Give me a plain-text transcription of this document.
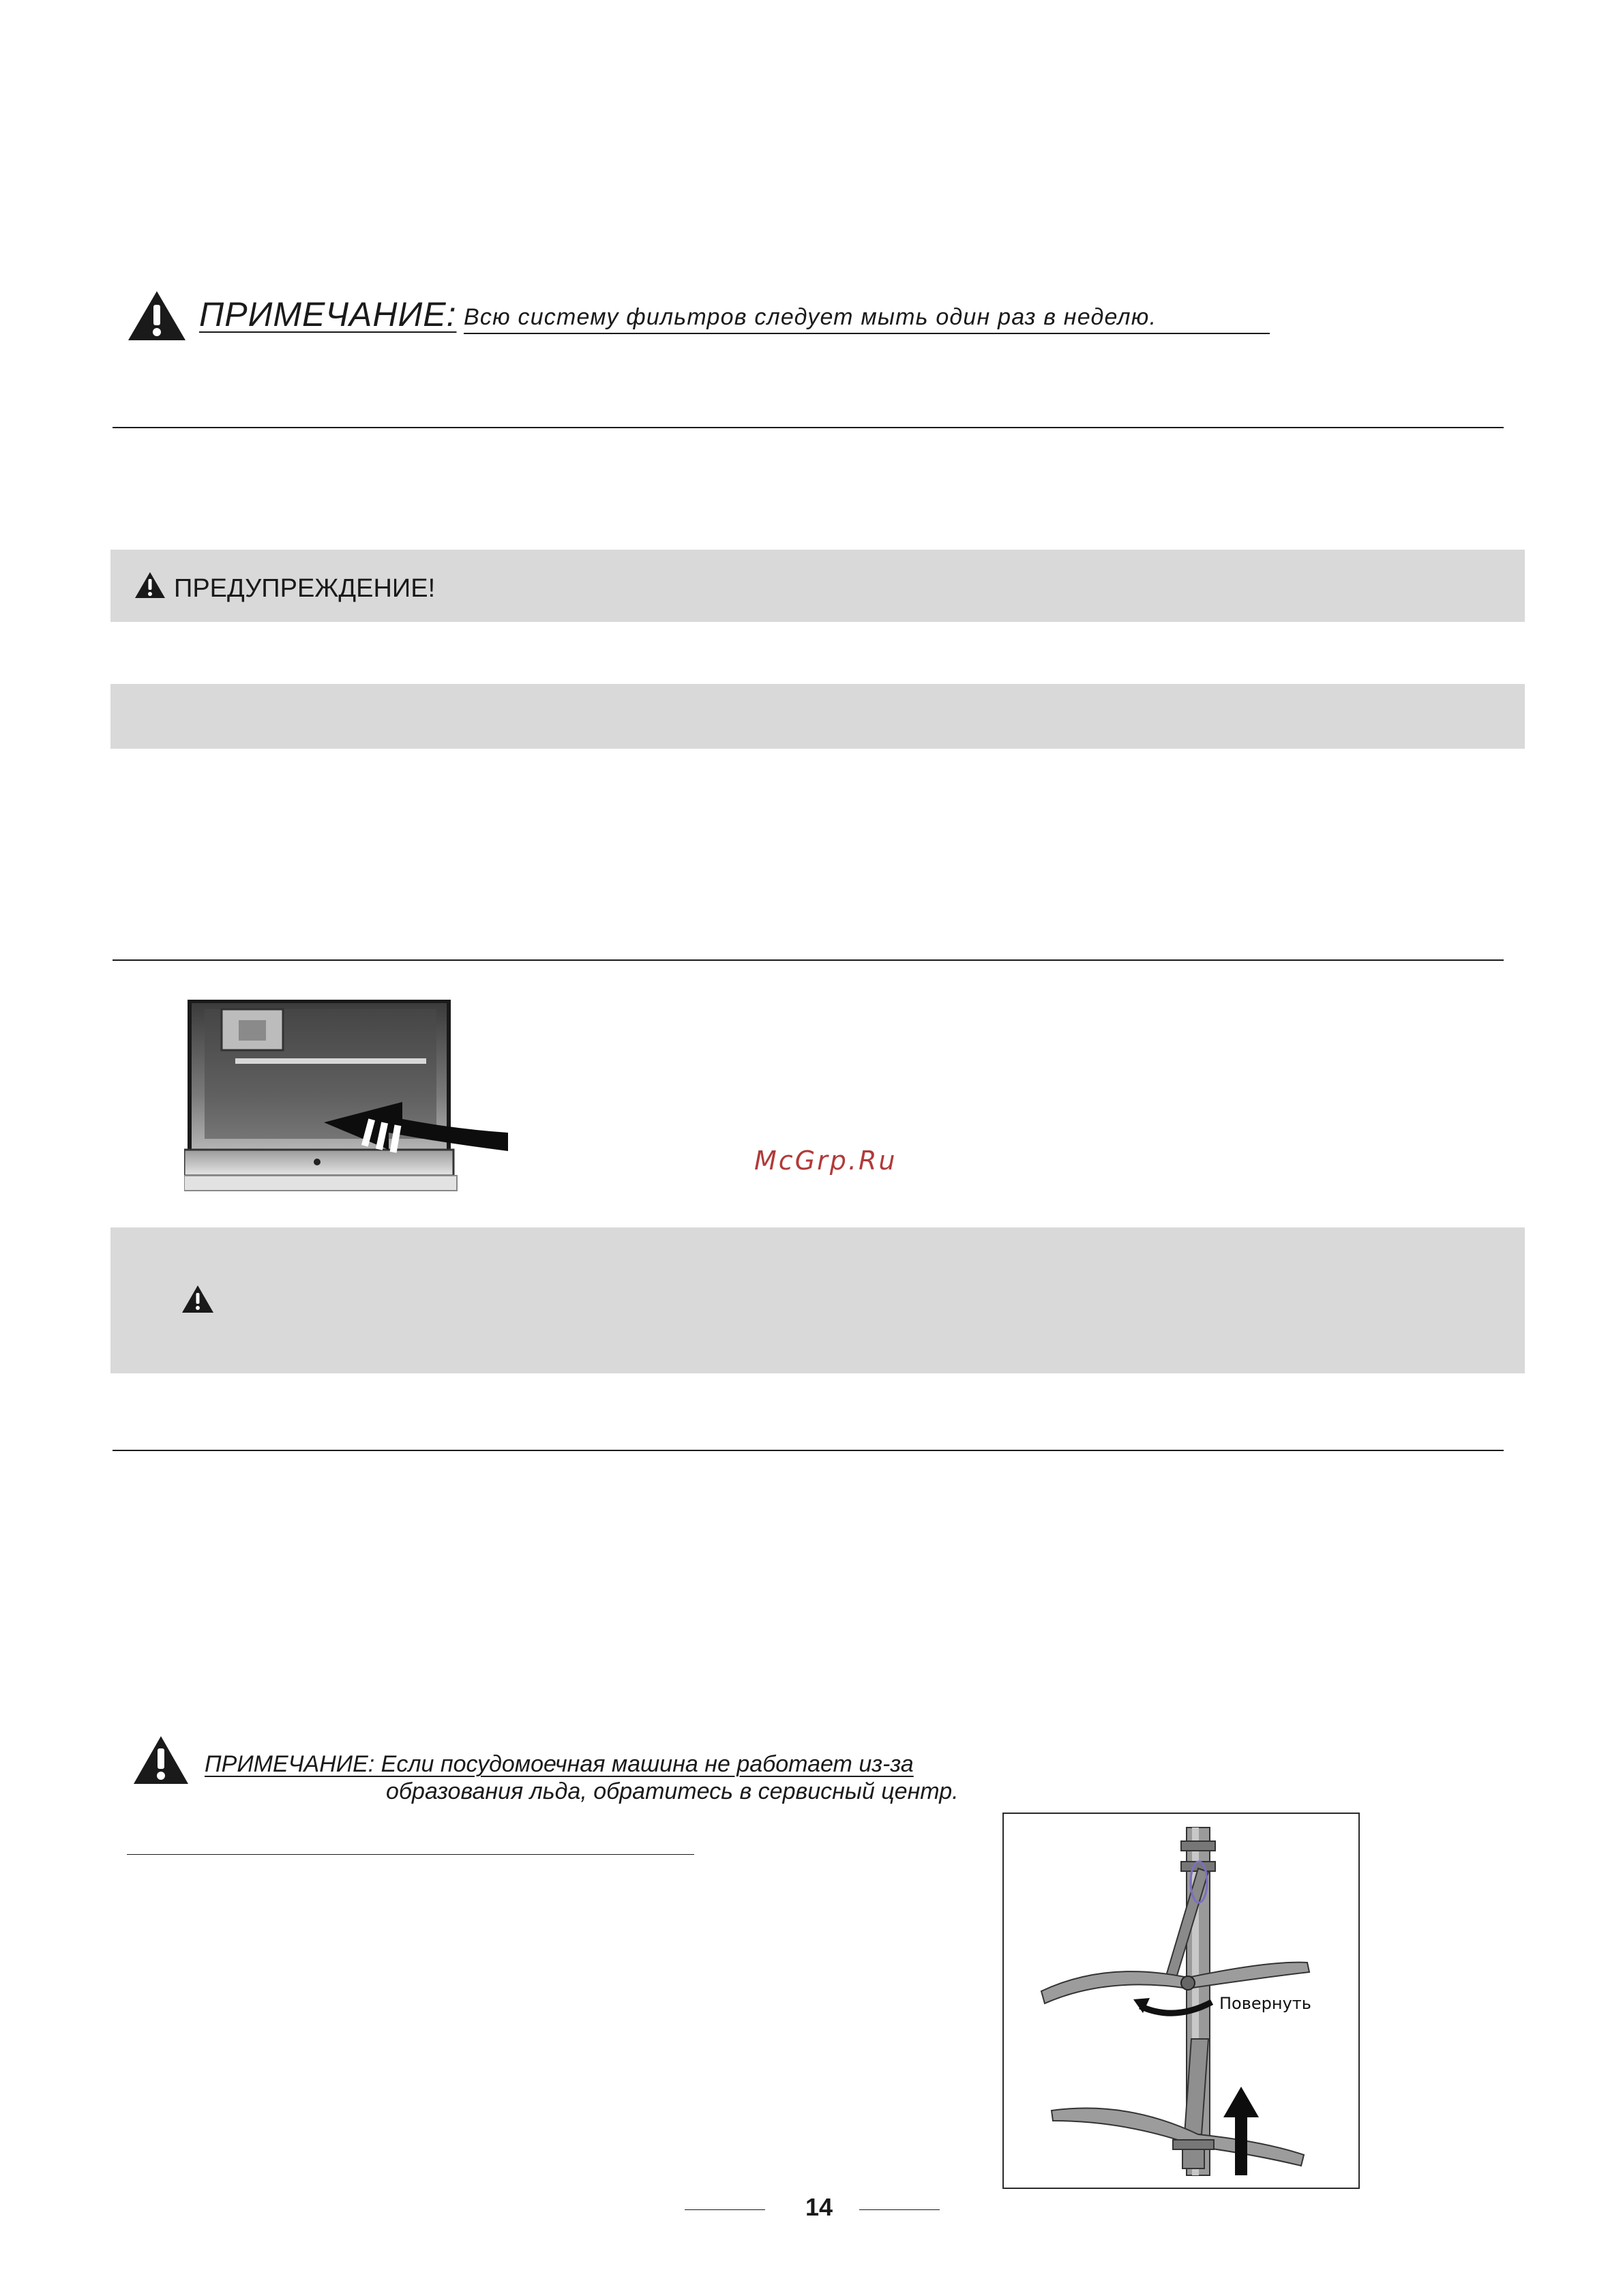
ПРИМЕЧАНИЕ: Всю систему фильтров следует мыть один раз в неделю.
ПРЕДУПРЕЖДЕНИЕ!
McGrp.Ru
ПРИМЕЧАНИЕ: Если посудомоечная машина не работает из-за
образования льда, обратитесь в сервисный центр.
Повернуть
14
